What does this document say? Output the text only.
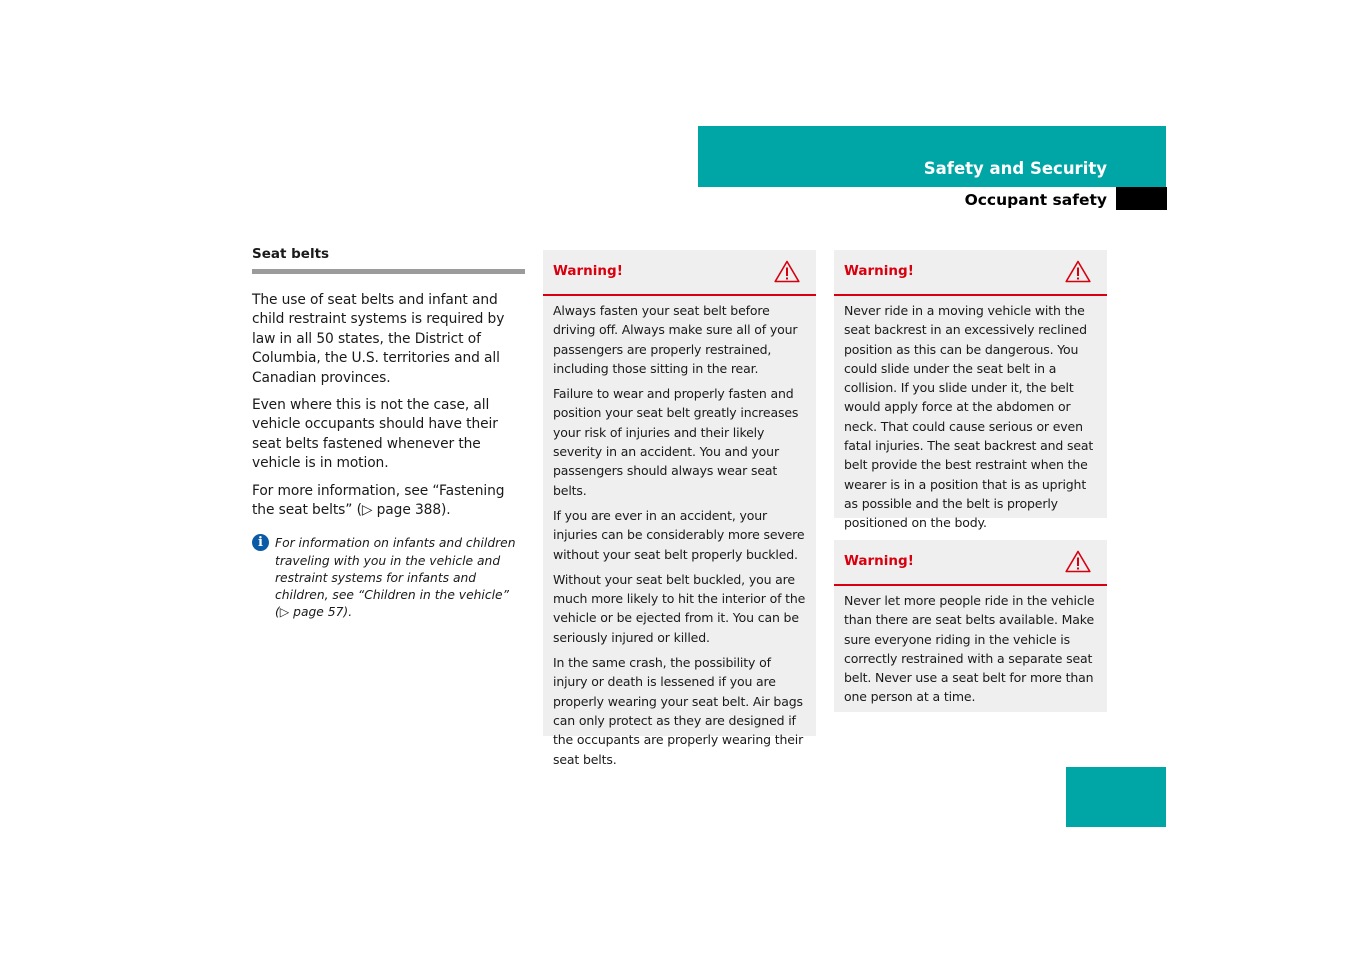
Safety and Security
Occupant safety
Seat belts

The use of seat belts and infant and child restraint systems is required by law in all 50 states, the District of Columbia, the U.S. territories and all Canadian provinces.

Even where this is not the case, all vehicle occupants should have their seat belts fastened whenever the vehicle is in motion.

For more information, see “Fastening the seat belts” (▷ page 388).

i For information on infants and children traveling with you in the vehicle and restraint systems for infants and children, see “Children in the vehicle” (▷ page 57).
Warning!

Always fasten your seat belt before driving off. Always make sure all of your passengers are properly restrained, including those sitting in the rear.

Failure to wear and properly fasten and position your seat belt greatly increases your risk of injuries and their likely severity in an accident. You and your passengers should always wear seat belts.

If you are ever in an accident, your injuries can be considerably more severe without your seat belt properly buckled.

Without your seat belt buckled, you are much more likely to hit the interior of the vehicle or be ejected from it. You can be seriously injured or killed.

In the same crash, the possibility of injury or death is lessened if you are properly wearing your seat belt. Air bags can only protect as they are designed if the occupants are properly wearing their seat belts.

Warning!

Never ride in a moving vehicle with the seat backrest in an excessively reclined position as this can be dangerous. You could slide under the seat belt in a collision. If you slide under it, the belt would apply force at the abdomen or neck. That could cause serious or even fatal injuries. The seat backrest and seat belt provide the best restraint when the wearer is in a position that is as upright as possible and the belt is properly positioned on the body.

Warning!

Never let more people ride in the vehicle than there are seat belts available. Make sure everyone riding in the vehicle is correctly restrained with a separate seat belt. Never use a seat belt for more than one person at a time.

53
